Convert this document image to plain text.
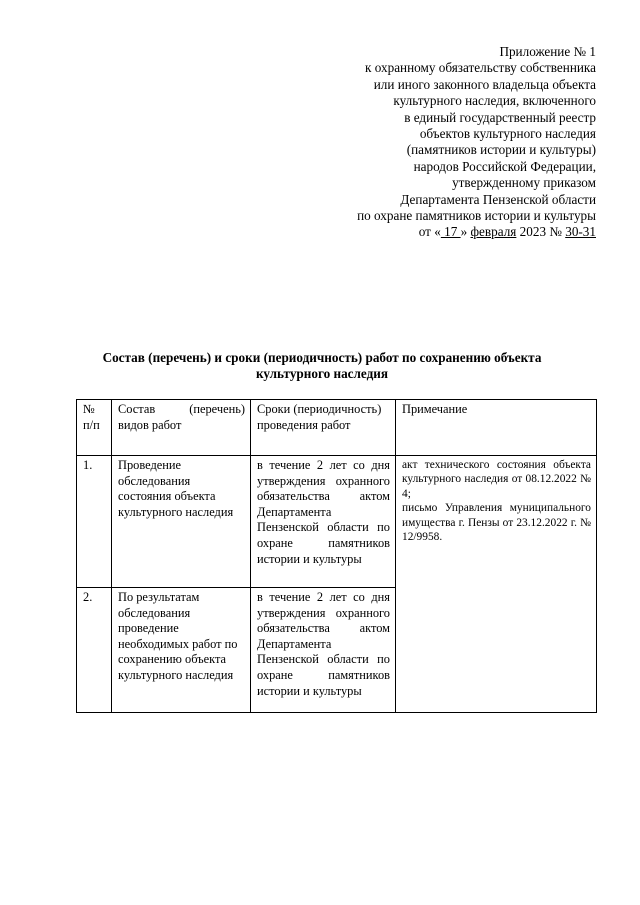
Приложение № 1
к охранному обязательству собственника
или иного законного владельца объекта
культурного наследия, включенного
в единый государственный реестр
объектов культурного наследия
(памятников истории и культуры)
народов Российской Федерации,
утвержденному приказом
Департамента Пензенской области
по охране памятников истории и культуры
от « 17 » февраля 2023 № 30-31
Состав (перечень) и сроки (периодичность) работ по сохранению объекта культурного наследия
№ п/п	Состав (перечень) видов работ	Сроки (периодичность) проведения работ	Примечание
1.	Проведение обследования состояния объекта культурного наследия	в течение 2 лет со дня утверждения охранного обязательства актом Департамента Пензенской области по охране памятников истории и культуры	акт технического состояния объекта культурного наследия от 08.12.2022 № 4;
письмо Управления муниципального имущества г. Пензы от 23.12.2022 г. № 12/9958.

2.	По результатам обследования проведение необходимых работ по сохранению объекта культурного наследия	в течение 2 лет со дня утверждения охранного обязательства актом Департамента Пензенской области по охране памятников истории и культуры	
